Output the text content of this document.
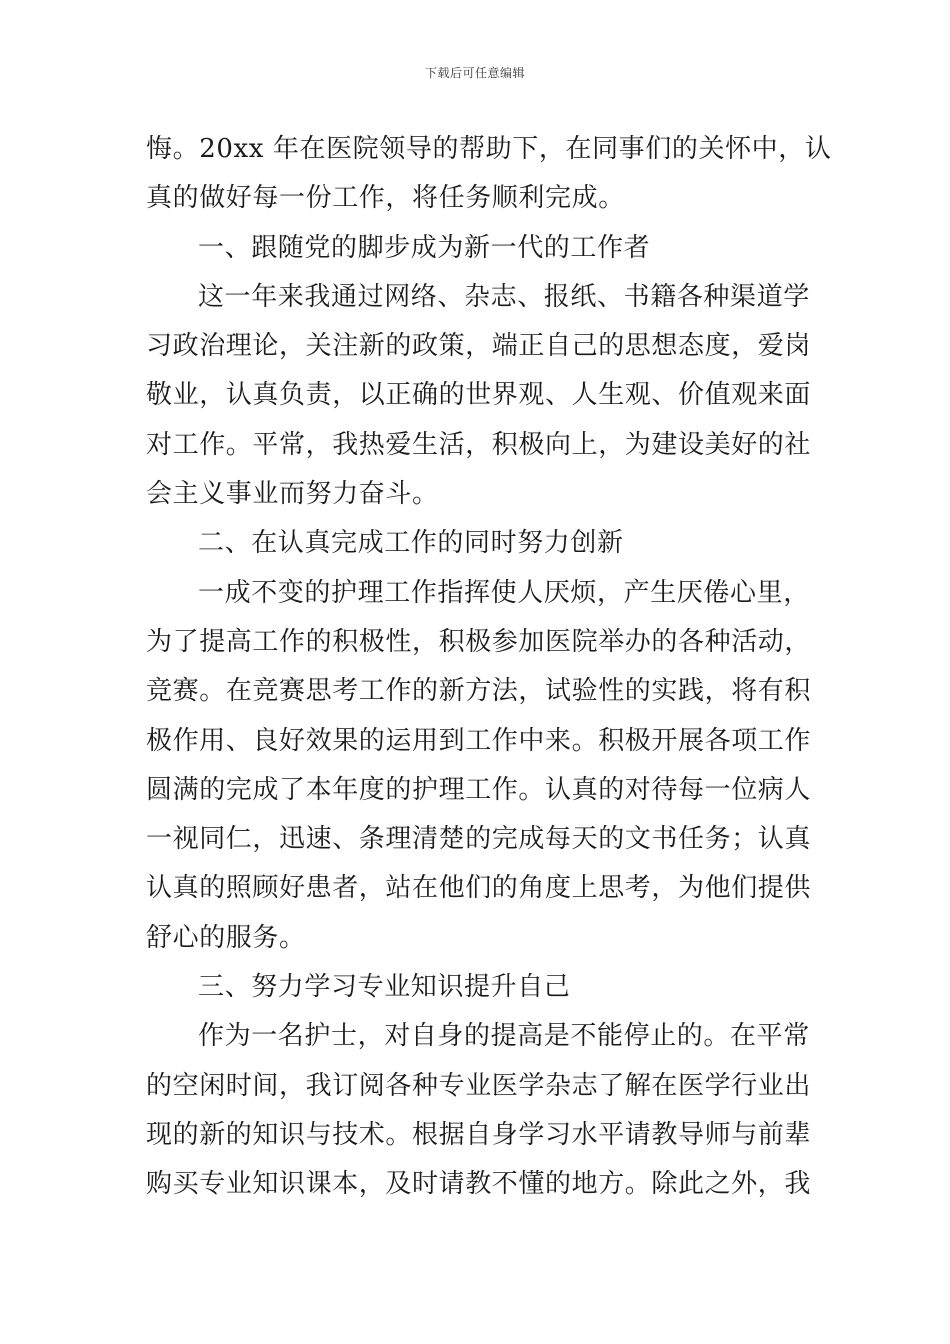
下载后可任意编辑
悔。20xx 年在医院领导的帮助下，在同事们的关怀中，认
真的做好每一份工作，将任务顺利完成。
一、跟随党的脚步成为新一代的工作者
这一年来我通过网络、杂志、报纸、书籍各种渠道学
习政治理论，关注新的政策，端正自己的思想态度，爱岗
敬业，认真负责，以正确的世界观、人生观、价值观来面
对工作。平常，我热爱生活，积极向上，为建设美好的社
会主义事业而努力奋斗。
二、在认真完成工作的同时努力创新
一成不变的护理工作指挥使人厌烦，产生厌倦心里，
为了提高工作的积极性，积极参加医院举办的各种活动，
竞赛。在竞赛思考工作的新方法，试验性的实践，将有积
极作用、良好效果的运用到工作中来。积极开展各项工作
圆满的完成了本年度的护理工作。认真的对待每一位病人
一视同仁，迅速、条理清楚的完成每天的文书任务；认真
认真的照顾好患者，站在他们的角度上思考，为他们提供
舒心的服务。
三、努力学习专业知识提升自己
作为一名护士，对自身的提高是不能停止的。在平常
的空闲时间，我订阅各种专业医学杂志了解在医学行业出
现的新的知识与技术。根据自身学习水平请教导师与前辈
购买专业知识课本，及时请教不懂的地方。除此之外，我
